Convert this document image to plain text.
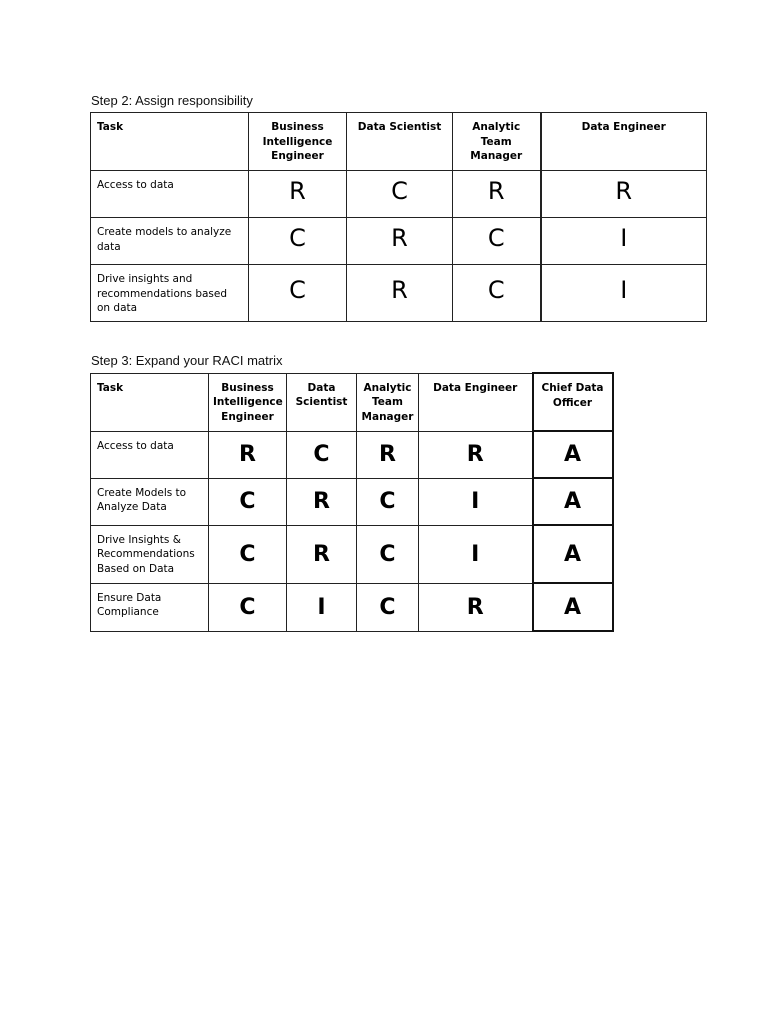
Step 2: Assign responsibility
Task	Business Intelligence Engineer	Data Scientist	Analytic Team Manager	Data Engineer
Access to data	R	C	R	R
Create models to analyze data	C	R	C	I
Drive insights and recommendations based on data	C	R	C	I
Step 3: Expand your RACI matrix
Task	Business Intelligence Engineer	Data Scientist	Analytic Team Manager	Data Engineer	Chief Data Officer
Access to data	R	C	R	R	A
Create Models to Analyze Data	C	R	C	I	A
Drive Insights & Recommendations Based on Data	C	R	C	I	A
Ensure Data Compliance	C	I	C	R	A
